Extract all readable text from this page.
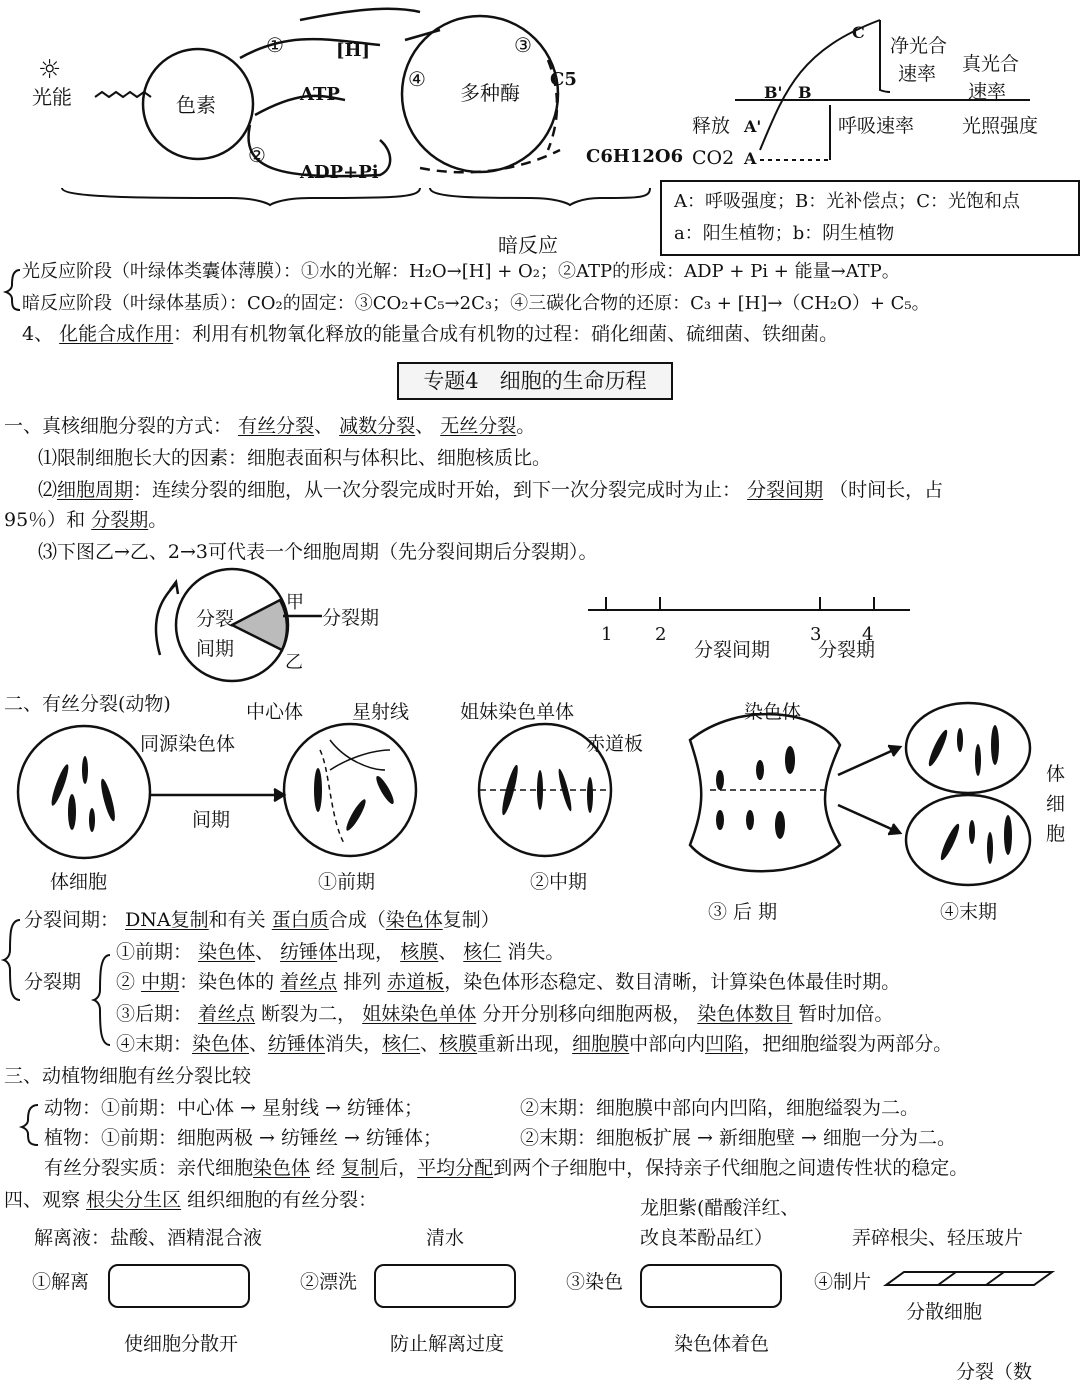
☼
光能	色素	多种酶
[H]
ATP
ADP+Pi
C5
C6H12O6
①
②
③
④
暗反应
净光合
速率 真光合
速率
呼吸速率	光照强度
释放
CO2
C
B' B
A'
A
甲
乙
分裂
间期
分裂期
1 2	3 4
分裂间期	分裂期
中心体	星射线	姐妹染色单体	染色体
同源染色体	赤道板
间期
体细胞	①前期	②中期
③ 后 期	④末期
体
细
胞
A：呼吸强度；B：光补偿点；C：光饱和点
a：阳生植物；b：阴生植物
光反应阶段（叶绿体类囊体薄膜）：①水的光解：H₂O→[H] + O₂；②ATP的形成：ADP + Pi + 能量→ATP。
暗反应阶段（叶绿体基质）：CO₂的固定：③CO₂+C₅→2C₃；④三碳化合物的还原：C₃ + [H]→（CH₂O）+ C₅。
4、 化能合成作用：利用有机物氧化释放的能量合成有机物的过程：硝化细菌、硫细菌、铁细菌。
专题4　细胞的生命历程
一、真核细胞分裂的方式： 有丝分裂、 减数分裂、 无丝分裂。
⑴限制细胞长大的因素：细胞表面积与体积比、细胞核质比。
⑵细胞周期：连续分裂的细胞，从一次分裂完成时开始，到下一次分裂完成时为止： 分裂间期 （时间长，占
95％）和 分裂期。
⑶下图乙→乙、2→3可代表一个细胞周期（先分裂间期后分裂期）。
二、有丝分裂(动物)
分裂间期： DNA复制和有关 蛋白质合成（染色体复制）
分裂期
①前期： 染色体、 纺锤体出现， 核膜、 核仁 消失。
② 中期：染色体的 着丝点 排列 赤道板，染色体形态稳定、数目清晰，计算染色体最佳时期。
③后期： 着丝点 断裂为二， 姐妹染色单体 分开分别移向细胞两极， 染色体数目 暂时加倍。
④末期：染色体、纺锤体消失，核仁、核膜重新出现，细胞膜中部向内凹陷，把细胞缢裂为两部分。
三、动植物细胞有丝分裂比较
动物：①前期：中心体 → 星射线 → 纺锤体；	②末期：细胞膜中部向内凹陷，细胞缢裂为二。
植物：①前期：细胞两极 → 纺锤丝 → 纺锤体；	②末期：细胞板扩展 → 新细胞壁 → 细胞一分为二。
有丝分裂实质：亲代细胞染色体 经 复制后，平均分配到两个子细胞中，保持亲子代细胞之间遗传性状的稳定。
四、观察 根尖分生区 组织细胞的有丝分裂：	龙胆紫(醋酸洋红、
改良苯酚品红）
解离液：盐酸、酒精混合液	清水	弄碎根尖、轻压玻片
①解离	②漂洗	③染色	④制片
使细胞分散开	防止解离过度	染色体着色
分散细胞
分裂（数
